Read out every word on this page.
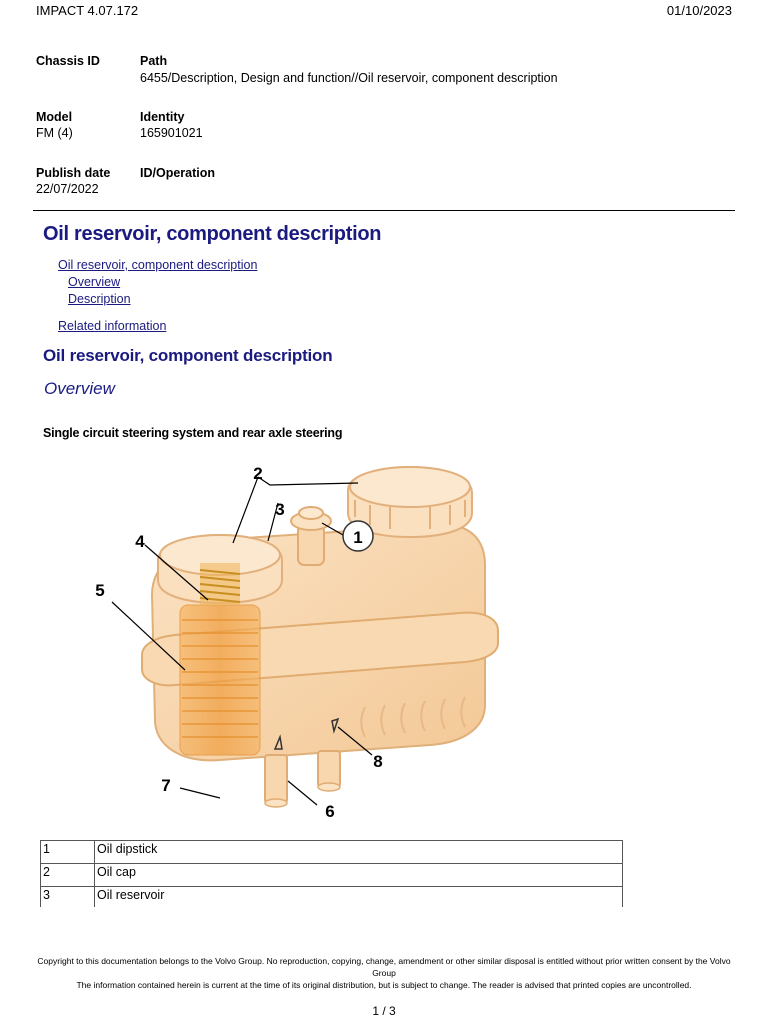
IMPACT 4.07.172	01/10/2023
Chassis ID	Path
6455/Description, Design and function//Oil reservoir, component description
Model
FM (4)
Identity
165901021
Publish date
22/07/2022
ID/Operation
Oil reservoir, component description
Oil reservoir, component description
Overview
Description
Related information
Oil reservoir, component description
Overview
Single circuit steering system and rear axle steering
1
2
3
4
5
6
7
8
1	Oil dipstick
2	Oil cap
3	Oil reservoir
Copyright to this documentation belongs to the Volvo Group. No reproduction, copying, change, amendment or other similar disposal is entitled without prior written consent by the Volvo Group
The information contained herein is current at the time of its original distribution, but is subject to change. The reader is advised that printed copies are uncontrolled.
1 / 3
